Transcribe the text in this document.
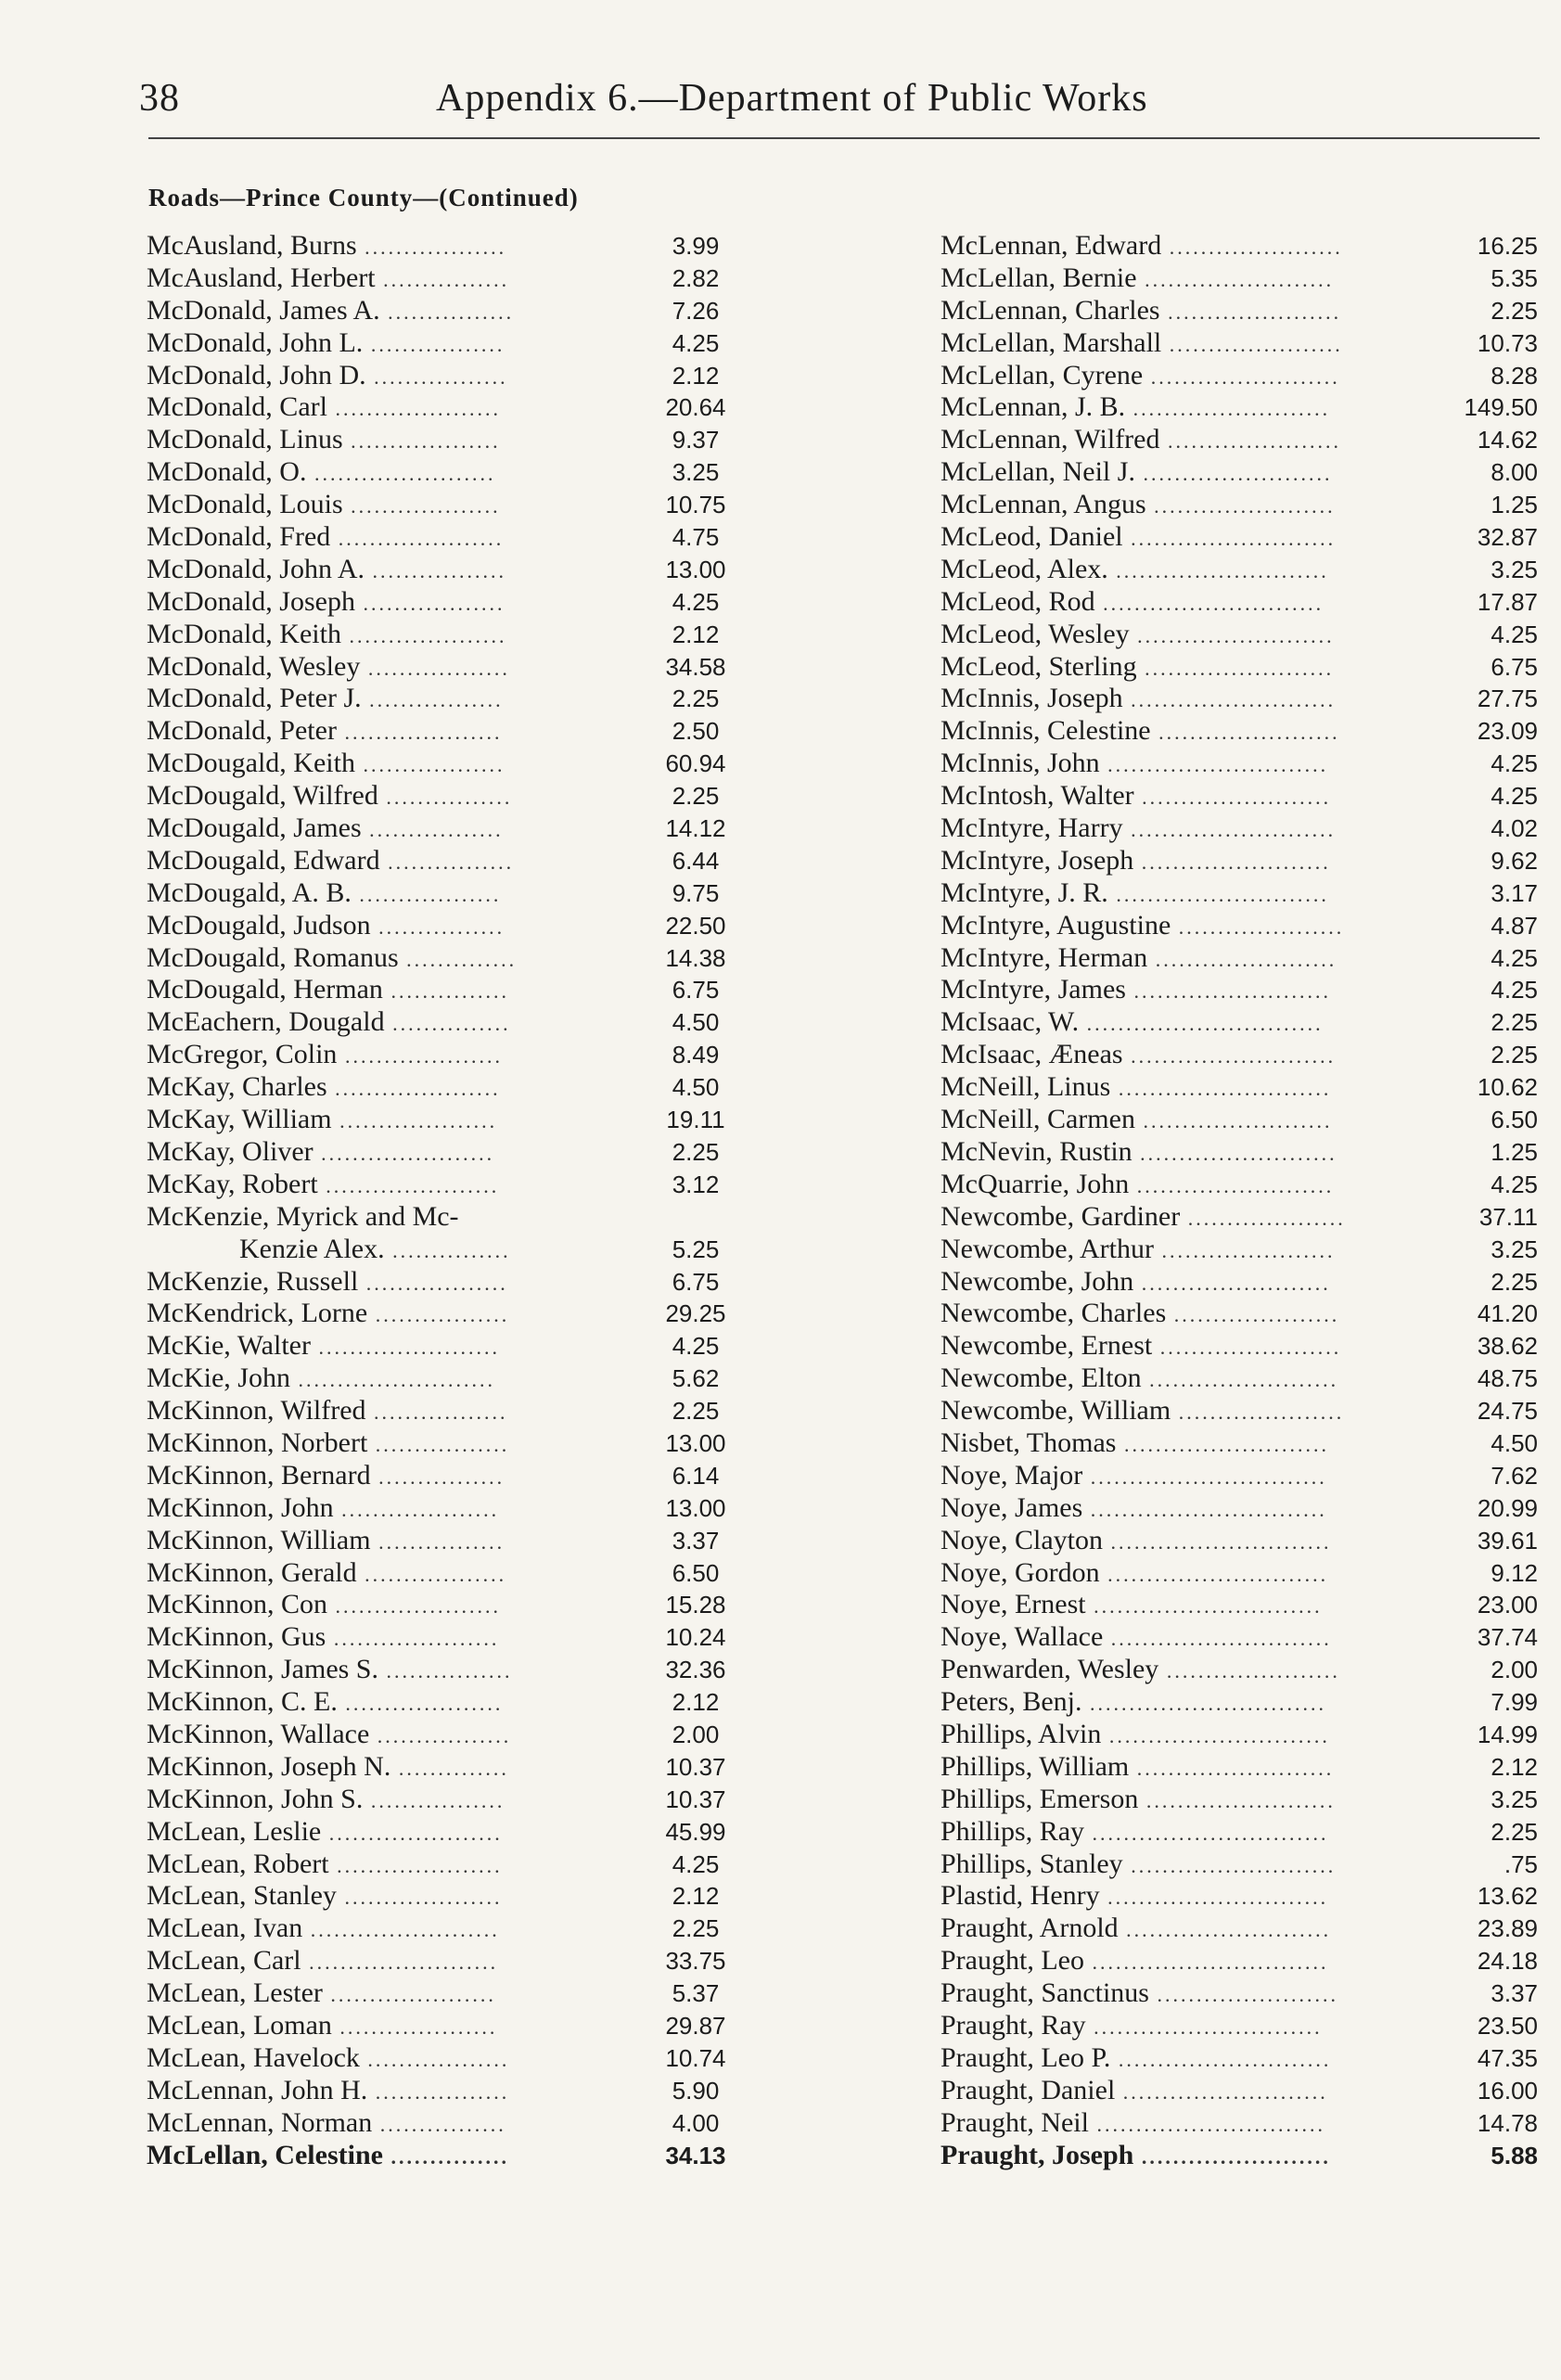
38	Appendix 6.—Department of Public Works
Roads—Prince County—(Continued)
McAusland, Burns ..................	3.99
McAusland, Herbert ................	2.82
McDonald, James A. ................	7.26
McDonald, John L. .................	4.25
McDonald, John D. .................	2.12
McDonald, Carl .....................	20.64
McDonald, Linus ...................	9.37
McDonald, O. .......................	3.25
McDonald, Louis ...................	10.75
McDonald, Fred .....................	4.75
McDonald, John A. .................	13.00
McDonald, Joseph ..................	4.25
McDonald, Keith ....................	2.12
McDonald, Wesley ..................	34.58
McDonald, Peter J. .................	2.25
McDonald, Peter ....................	2.50
McDougald, Keith ..................	60.94
McDougald, Wilfred ................	2.25
McDougald, James .................	14.12
McDougald, Edward ................	6.44
McDougald, A. B. ..................	9.75
McDougald, Judson ................	22.50
McDougald, Romanus ..............	14.38
McDougald, Herman ...............	6.75
McEachern, Dougald ...............	4.50
McGregor, Colin ....................	8.49
McKay, Charles .....................	4.50
McKay, William ....................	19.11
McKay, Oliver ......................	2.25
McKay, Robert ......................	3.12
McKenzie, Myrick and Mc-
Kenzie Alex. ...............	5.25
McKenzie, Russell ..................	6.75
McKendrick, Lorne .................	29.25
McKie, Walter .......................	4.25
McKie, John .........................	5.62
McKinnon, Wilfred .................	2.25
McKinnon, Norbert .................	13.00
McKinnon, Bernard ................	6.14
McKinnon, John ....................	13.00
McKinnon, William ................	3.37
McKinnon, Gerald ..................	6.50
McKinnon, Con .....................	15.28
McKinnon, Gus .....................	10.24
McKinnon, James S. ................	32.36
McKinnon, C. E. ....................	2.12
McKinnon, Wallace .................	2.00
McKinnon, Joseph N. ..............	10.37
McKinnon, John S. .................	10.37
McLean, Leslie ......................	45.99
McLean, Robert .....................	4.25
McLean, Stanley ....................	2.12
McLean, Ivan ........................	2.25
McLean, Carl ........................	33.75
McLean, Lester .....................	5.37
McLean, Loman ....................	29.87
McLean, Havelock ..................	10.74
McLennan, John H. .................	5.90
McLennan, Norman ................	4.00
McLellan, Celestine ...............	34.13
McLennan, Edward ......................	16.25
McLellan, Bernie ........................	5.35
McLennan, Charles ......................	2.25
McLellan, Marshall ......................	10.73
McLellan, Cyrene ........................	8.28
McLennan, J. B. .........................	149.50
McLennan, Wilfred ......................	14.62
McLellan, Neil J. ........................	8.00
McLennan, Angus .......................	1.25
McLeod, Daniel ..........................	32.87
McLeod, Alex. ...........................	3.25
McLeod, Rod ............................	17.87
McLeod, Wesley .........................	4.25
McLeod, Sterling ........................	6.75
McInnis, Joseph ..........................	27.75
McInnis, Celestine .......................	23.09
McInnis, John ............................	4.25
McIntosh, Walter ........................	4.25
McIntyre, Harry ..........................	4.02
McIntyre, Joseph ........................	9.62
McIntyre, J. R. ...........................	3.17
McIntyre, Augustine .....................	4.87
McIntyre, Herman .......................	4.25
McIntyre, James .........................	4.25
McIsaac, W. ..............................	2.25
McIsaac, Æneas ..........................	2.25
McNeill, Linus ...........................	10.62
McNeill, Carmen ........................	6.50
McNevin, Rustin .........................	1.25
McQuarrie, John .........................	4.25
Newcombe, Gardiner ....................	37.11
Newcombe, Arthur ......................	3.25
Newcombe, John ........................	2.25
Newcombe, Charles .....................	41.20
Newcombe, Ernest .......................	38.62
Newcombe, Elton ........................	48.75
Newcombe, William .....................	24.75
Nisbet, Thomas ..........................	4.50
Noye, Major ..............................	7.62
Noye, James ..............................	20.99
Noye, Clayton ............................	39.61
Noye, Gordon ............................	9.12
Noye, Ernest .............................	23.00
Noye, Wallace ............................	37.74
Penwarden, Wesley ......................	2.00
Peters, Benj. ..............................	7.99
Phillips, Alvin ............................	14.99
Phillips, William .........................	2.12
Phillips, Emerson ........................	3.25
Phillips, Ray ..............................	2.25
Phillips, Stanley ..........................	.75
Plastid, Henry ............................	13.62
Praught, Arnold ..........................	23.89
Praught, Leo ..............................	24.18
Praught, Sanctinus .......................	3.37
Praught, Ray .............................	23.50
Praught, Leo P. ...........................	47.35
Praught, Daniel ..........................	16.00
Praught, Neil .............................	14.78
Praught, Joseph ........................	5.88
